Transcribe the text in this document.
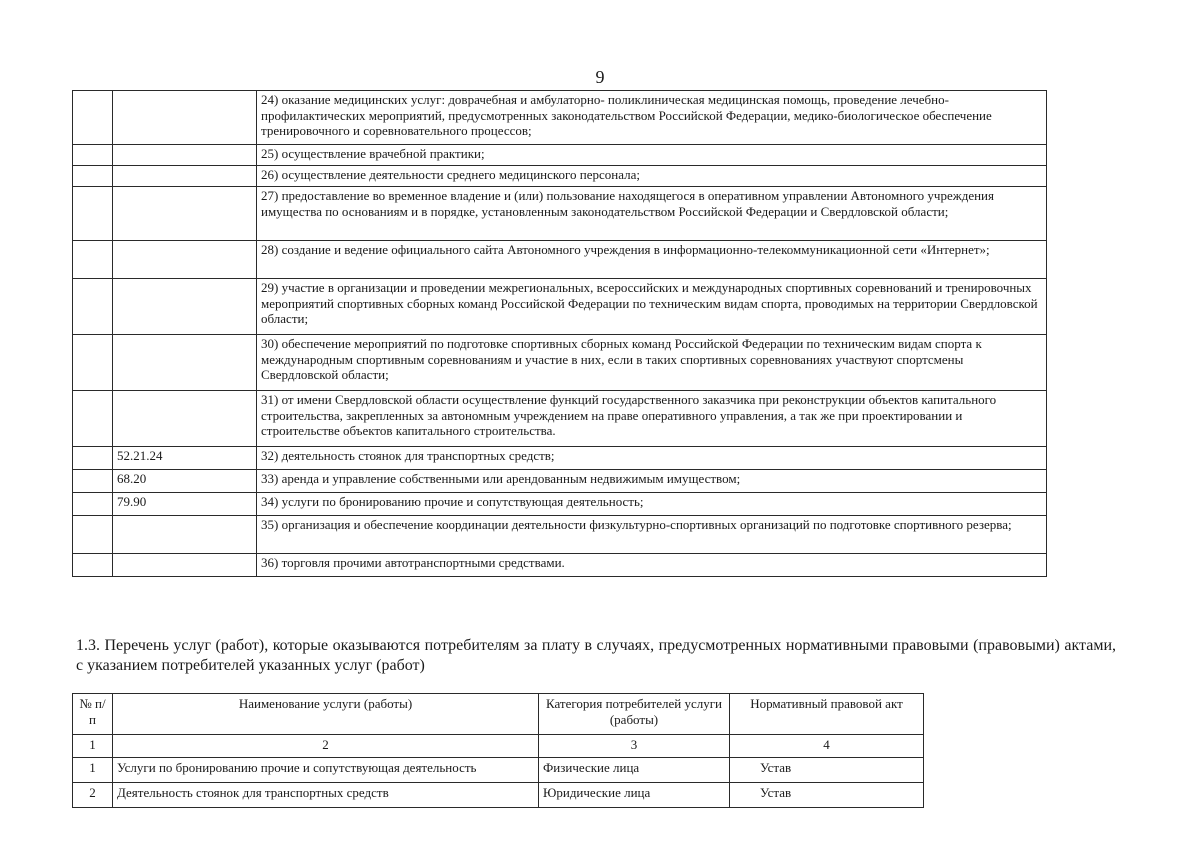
9
		24) оказание медицинских услуг: доврачебная и амбулаторно- поликлиническая медицинская помощь, проведение лечебно-профилактических мероприятий, предусмотренных законодательством Российской Федерации, медико-биологическое обеспечение тренировочного и соревновательного процессов;
		25) осуществление врачебной практики;
		26) осуществление деятельности среднего медицинского персонала;
		27) предоставление во временное владение и (или) пользование находящегося в оперативном управлении Автономного учреждения имущества по основаниям и в порядке, установленным законодательством Российской Федерации и Свердловской области;
		28) создание и ведение официального сайта Автономного учреждения в информационно-телекоммуникационной сети «Интернет»;
		29) участие в организации и проведении межрегиональных, всероссийских и международных спортивных соревнований и тренировочных мероприятий спортивных сборных команд Российской Федерации по техническим видам спорта, проводимых на территории Свердловской области;
		30) обеспечение мероприятий по подготовке спортивных сборных команд Российской Федерации по техническим видам спорта к международным спортивным соревнованиям и участие в них, если в таких спортивных соревнованиях участвуют спортсмены Свердловской области;
		31) от имени Свердловской области осуществление функций государственного заказчика при реконструкции объектов капитального строительства, закрепленных за автономным учреждением на праве оперативного управления, а так же при проектировании и строительстве объектов капитального строительства.
	52.21.24	32) деятельность стоянок для транспортных средств;
	68.20	33) аренда и управление собственными или арендованным недвижимым имуществом;
	79.90	34) услуги по бронированию прочие и сопутствующая деятельность;
		35) организация и обеспечение координации деятельности физкультурно-спортивных организаций по подготовке спортивного резерва;
		36) торговля прочими автотранспортными средствами.

1.3. Перечень услуг (работ), которые оказываются потребителям за плату в случаях, предусмотренных нормативными правовыми (правовыми) актами, с указанием потребителей указанных услуг (работ)

№ п/п	Наименование услуги (работы)	Категория потребителей услуги (работы)	Нормативный правовой акт
1	2	3	4
1	Услуги по бронированию прочие и сопутствующая деятельность	Физические лица	Устав
2	Деятельность стоянок для транспортных средств	Юридические лица	Устав
